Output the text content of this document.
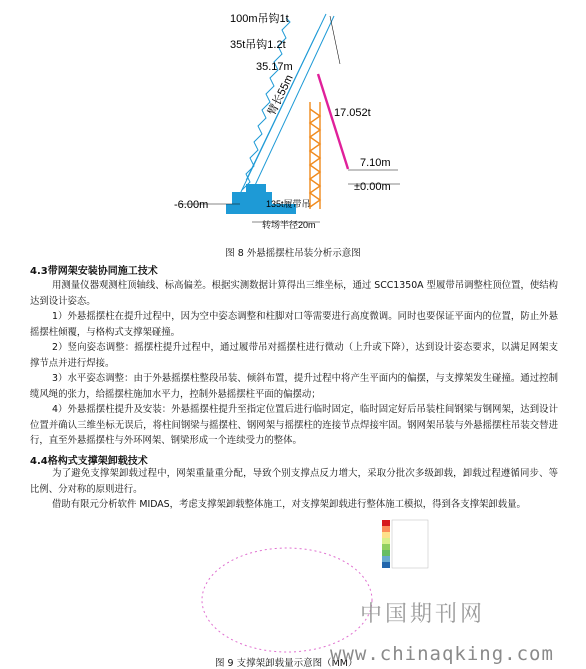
100m吊钩1t
35t吊钩1.2t
35.17m
臂长55m	17.052t
7.10m
±0.00m
-6.00m	135t履带吊
转场半径20m
图 8 外悬摇摆柱吊装分析示意图
4.3带网架安装协同施工技术
用测量仪器观测柱顶轴线、标高偏差。根据实测数据计算得出三维坐标，通过 SCC1350A 型履带吊调整柱顶位置，使结构达到设计姿态。
1）外悬摇摆柱在提升过程中，因为空中姿态调整和柱脚对口等需要进行高度微调。同时也要保证平面内的位置，防止外悬摇摆柱倾覆，与格构式支撑架碰撞。
2）竖向姿态调整：摇摆柱提升过程中，通过履带吊对摇摆柱进行微动（上升或下降），达到设计姿态要求，以满足网架支撑节点并进行焊接。
3）水平姿态调整：由于外悬摇摆柱整段吊装、倾斜布置，提升过程中将产生平面内的偏摆，与支撑架发生碰撞。通过控制缆风绳的张力，给摇摆柱施加水平力，控制外悬摇摆柱平面的偏摆动；
4）外悬摇摆柱提升及安装：外悬摇摆柱提升至指定位置后进行临时固定，临时固定好后吊装柱间钢梁与钢网架，达到设计位置并确认三维坐标无误后，将柱间钢梁与摇摆柱、钢网架与摇摆柱的连接节点焊接牢固。钢网架吊装与外悬摇摆柱吊装交替进行，直至外悬摇摆柱与外环网架、钢梁形成一个连续受力的整体。
4.4格构式支撑架卸载技术
为了避免支撑架卸载过程中，网架重量重分配，导致个别支撑点反力增大，采取分批次多级卸载，卸载过程遵循同步、等比例、分对称的原则进行。
借助有限元分析软件 MIDAS，考虑支撑架卸载整体施工，对支撑架卸载进行整体施工模拟，得到各支撑架卸载量。
中国期刊网
图 9 支撑架卸载量示意图（MM）
www.chinaqking.com
